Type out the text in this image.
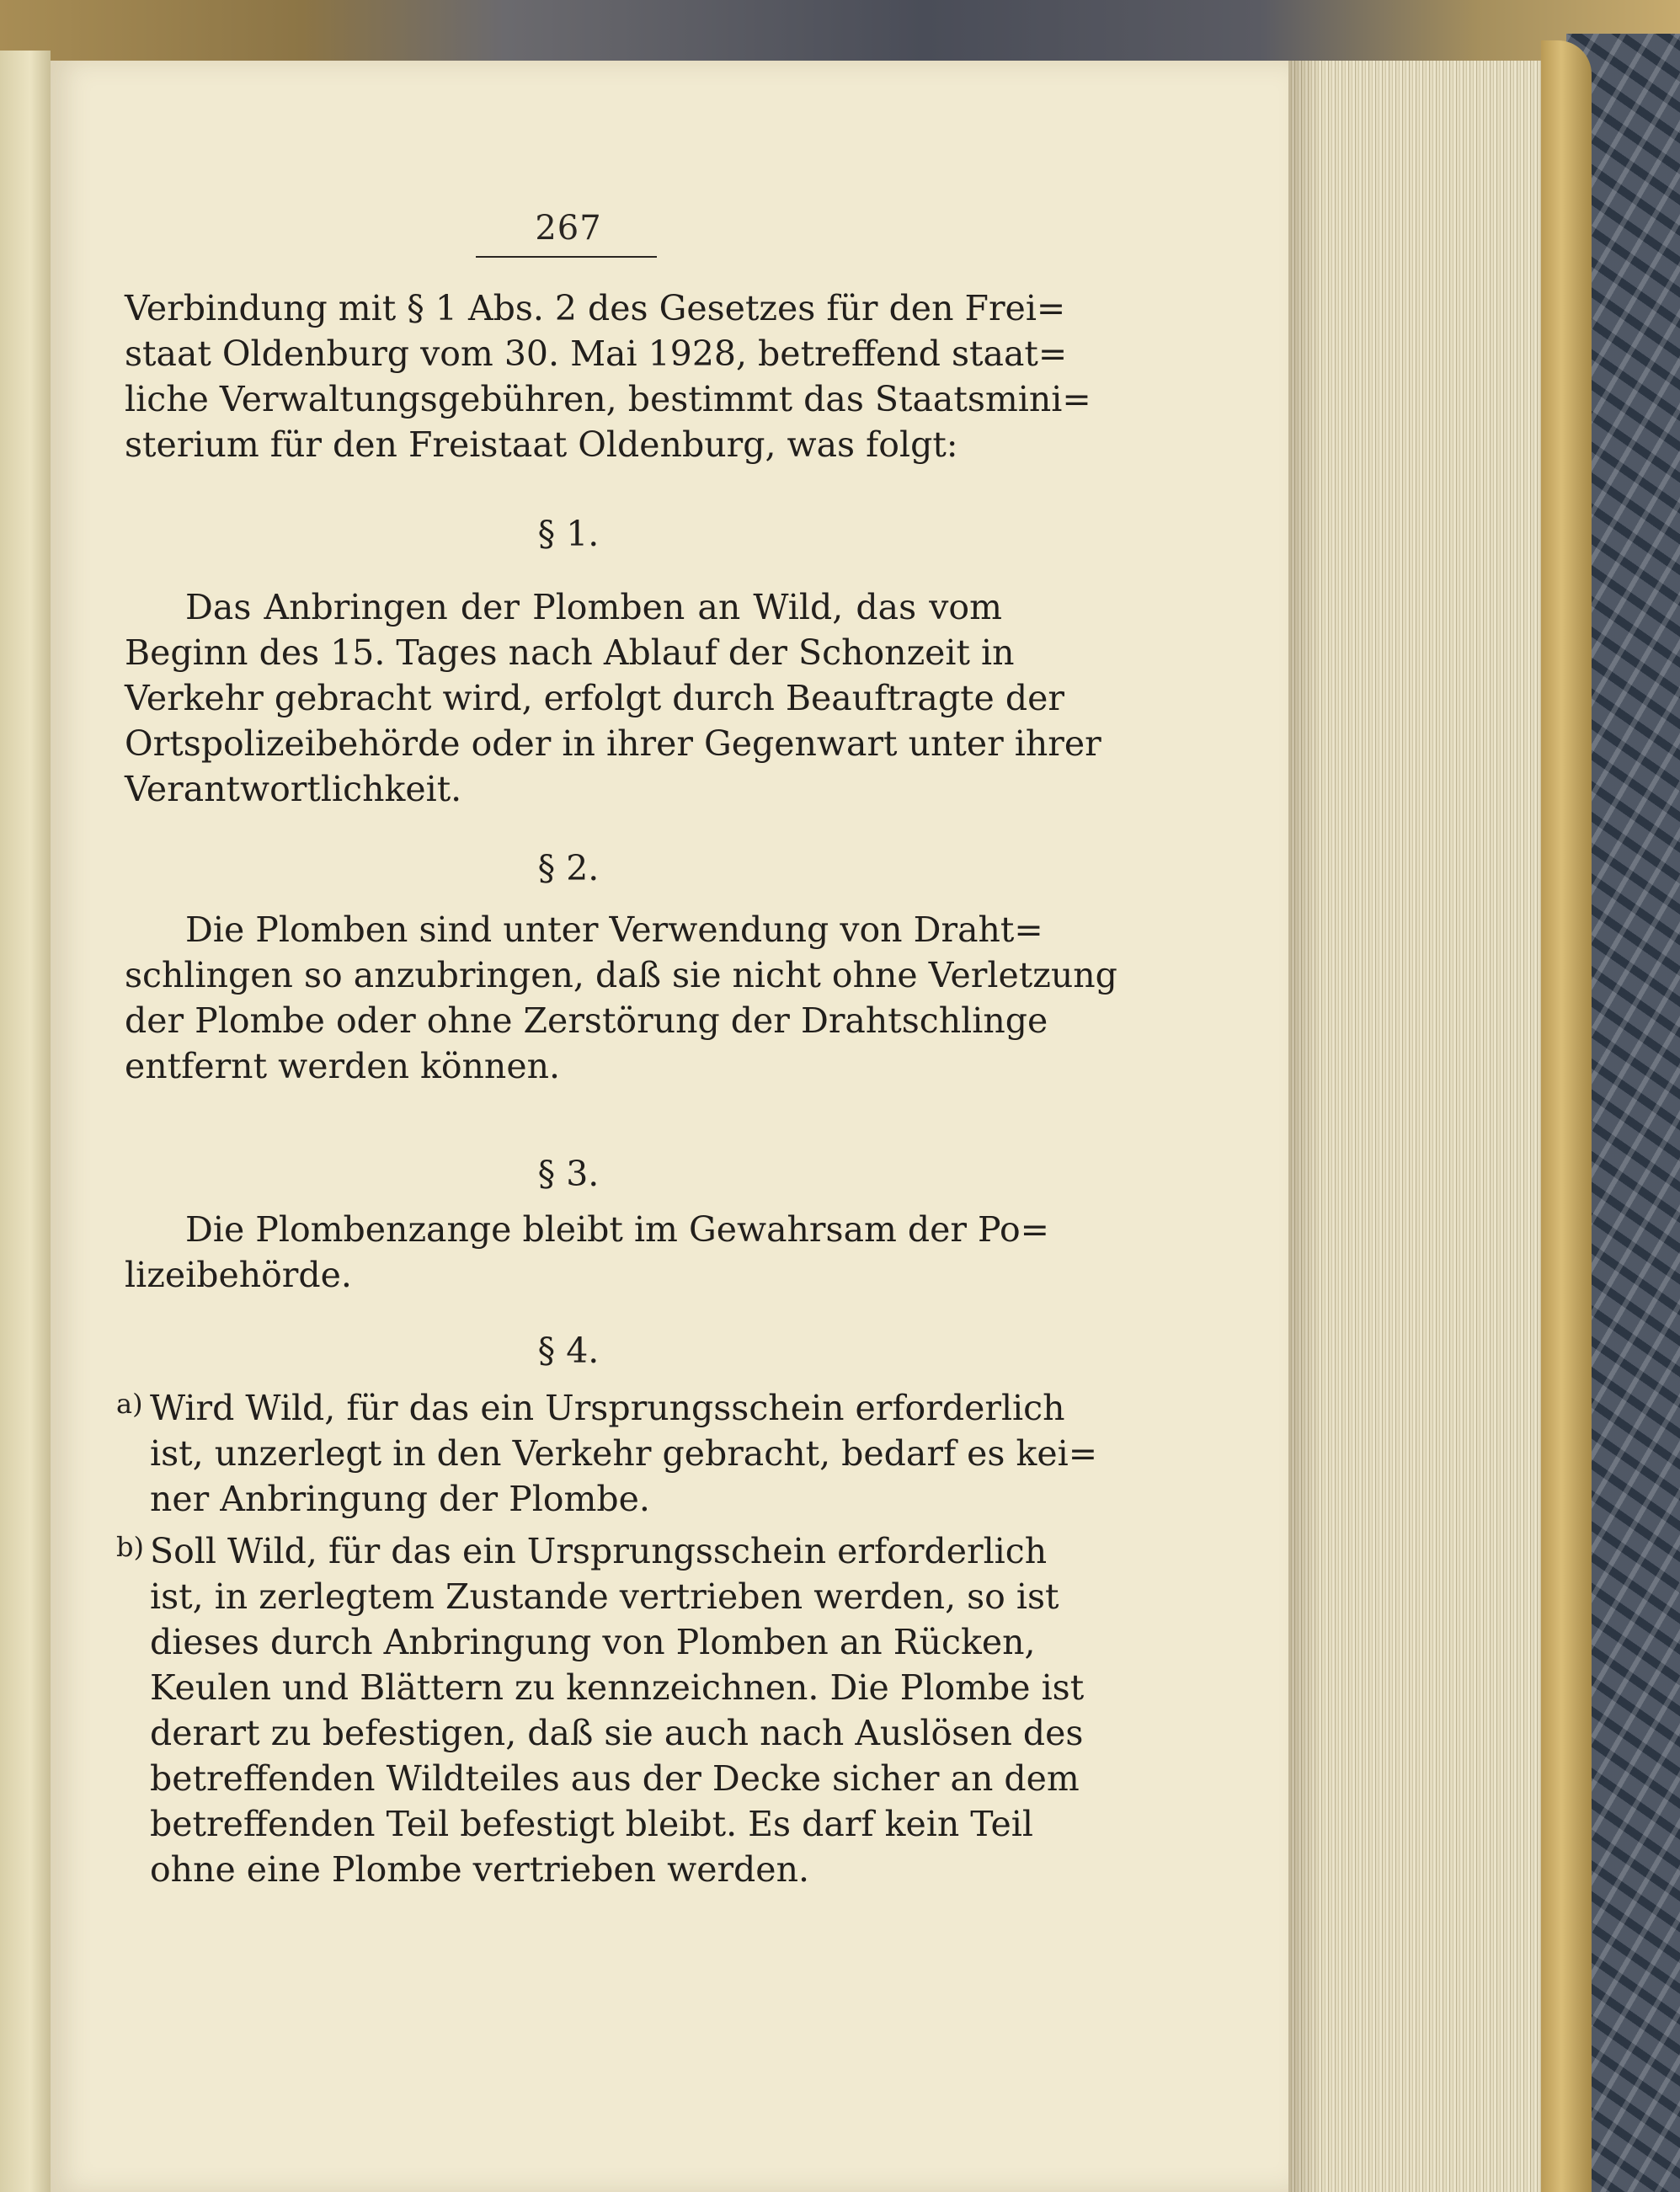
267
Verbindung mit § 1 Abs. 2 des Gesetzes für den Frei=
staat Oldenburg vom 30. Mai 1928, betreffend staat=
liche Verwaltungsgebühren, bestimmt das Staatsmini=
sterium für den Freistaat Oldenburg, was folgt:
§ 1.
Das Anbringen der Plomben an Wild, das vom
Beginn des 15. Tages nach Ablauf der Schonzeit in
Verkehr gebracht wird, erfolgt durch Beauftragte der
Ortspolizeibehörde oder in ihrer Gegenwart unter ihrer
Verantwortlichkeit.
§ 2.
Die Plomben sind unter Verwendung von Draht=
schlingen so anzubringen, daß sie nicht ohne Verletzung
der Plombe oder ohne Zerstörung der Drahtschlinge
entfernt werden können.
§ 3.
Die Plombenzange bleibt im Gewahrsam der Po=
lizeibehörde.
§ 4.
a) Wird Wild, für das ein Ursprungsschein erforderlich
ist, unzerlegt in den Verkehr gebracht, bedarf es kei=
ner Anbringung der Plombe.
b) Soll Wild, für das ein Ursprungsschein erforderlich
ist, in zerlegtem Zustande vertrieben werden, so ist
dieses durch Anbringung von Plomben an Rücken,
Keulen und Blättern zu kennzeichnen. Die Plombe ist
derart zu befestigen, daß sie auch nach Auslösen des
betreffenden Wildteiles aus der Decke sicher an dem
betreffenden Teil befestigt bleibt. Es darf kein Teil
ohne eine Plombe vertrieben werden.
